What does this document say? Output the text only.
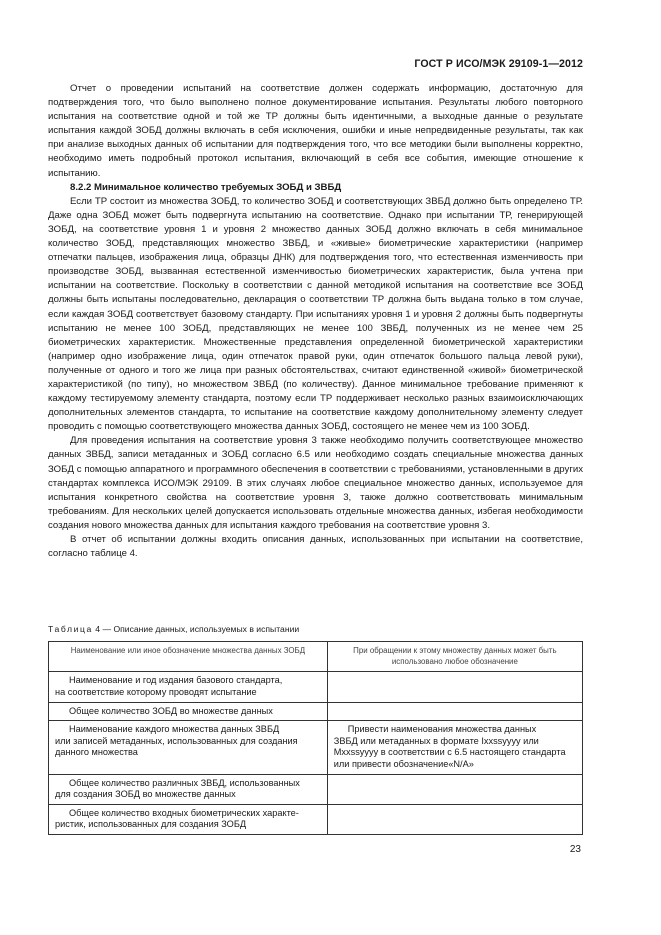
ГОСТ Р ИСО/МЭК 29109-1—2012

Отчет о проведении испытаний на соответствие должен содержать информацию, достаточную для подтверждения того, что было выполнено полное документирование испытания. Результаты любого повторного испытания на соответствие одной и той же ТР должны быть идентичными, а выходные данные о результате испытания каждой ЗОБД должны включать в себя исключения, ошибки и иные непредвиденные результаты, так как при анализе выходных данных об испытании для подтверждения того, что все методики были выполнены корректно, необходимо иметь подробный протокол испытания, включающий в себя все события, имеющие отношение к испытанию.

8.2.2 Минимальное количество требуемых ЗОБД и ЗВБД

Если ТР состоит из множества ЗОБД, то количество ЗОБД и соответствующих ЗВБД должно быть определено ТР. Даже одна ЗОБД может быть подвергнута испытанию на соответствие. Однако при испытании ТР, генерирующей ЗОБД, на соответствие уровня 1 и уровня 2 множество данных ЗОБД должно включать в себя минимальное количество ЗОБД, представляющих множество ЗВБД, и «живые» биометрические характеристики (например отпечатки пальцев, изображения лица, образцы ДНК) для подтверждения того, что естественная изменчивость при производстве ЗОБД, вызванная естественной изменчивостью биометрических характеристик, была учтена при испытании на соответствие. Поскольку в соответствии с данной методикой испытания на соответствие все ЗОБД должны быть испытаны последовательно, декларация о соответствии ТР должна быть выдана только в том случае, если каждая ЗОБД соответствует базовому стандарту. При испытаниях уровня 1 и уровня 2 должны быть подвергнуты испытанию не менее 100 ЗОБД, представляющих не менее 100 ЗВБД, полученных из не менее чем 25 биометрических характеристик. Множественные представления определенной биометрической характеристики (например одно изображение лица, один отпечаток правой руки, один отпечаток большого пальца левой руки), полученные от одного и того же лица при разных обстоятельствах, считают единственной «живой» биометрической характеристикой (по типу), но множеством ЗВБД (по количеству). Данное минимальное требование применяют к каждому тестируемому элементу стандарта, поэтому если ТР поддерживает несколько разных взаимоисключающих дополнительных элементов стандарта, то испытание на соответствие каждому дополнительному элементу следует проводить с помощью соответствующего множества данных ЗОБД, состоящего не менее чем из 100 ЗОБД.

Для проведения испытания на соответствие уровня 3 также необходимо получить соответствующее множество данных ЗВБД, записи метаданных и ЗОБД согласно 6.5 или необходимо создать специальные множества данных ЗОБД с помощью аппаратного и программного обеспечения в соответствии с требованиями, установленными в других стандартах комплекса ИСО/МЭК 29109. В этих случаях любое специальное множество данных, используемое для испытания конкретного свойства на соответствие уровня 3, также должно соответствовать минимальным требованиям. Для нескольких целей допускается использовать отдельные множества данных, избегая необходимости создания нового множества данных для испытания каждого требования на соответствие уровня 3.

В отчет об испытании должны входить описания данных, использованных при испытании на соответствие, согласно таблице 4.

Таблица 4 — Описание данных, используемых в испытании
Наименование или иное обозначение множества данных ЗОБД	При обращении к этому множеству данных может быть использовано любое обозначение

Наименование и год издания базового стандарта,
на соответствие которому проводят испытание	

Общее количество ЗОБД во множестве данных	

Наименование каждого множества данных ЗВБД
или записей метаданных, использованных для создания данного множества	Привести наименования множества данных
ЗВБД или метаданных в формате Ixxssyyyy или Mxxssyyyy в соответствии с 6.5 настоящего стандарта или привести обозначение«N/A»

Общее количество различных ЗВБД, использованных
для создания ЗОБД во множестве данных	

Общее количество входных биометрических характе-
ристик, использованных для создания ЗОБД	
23
